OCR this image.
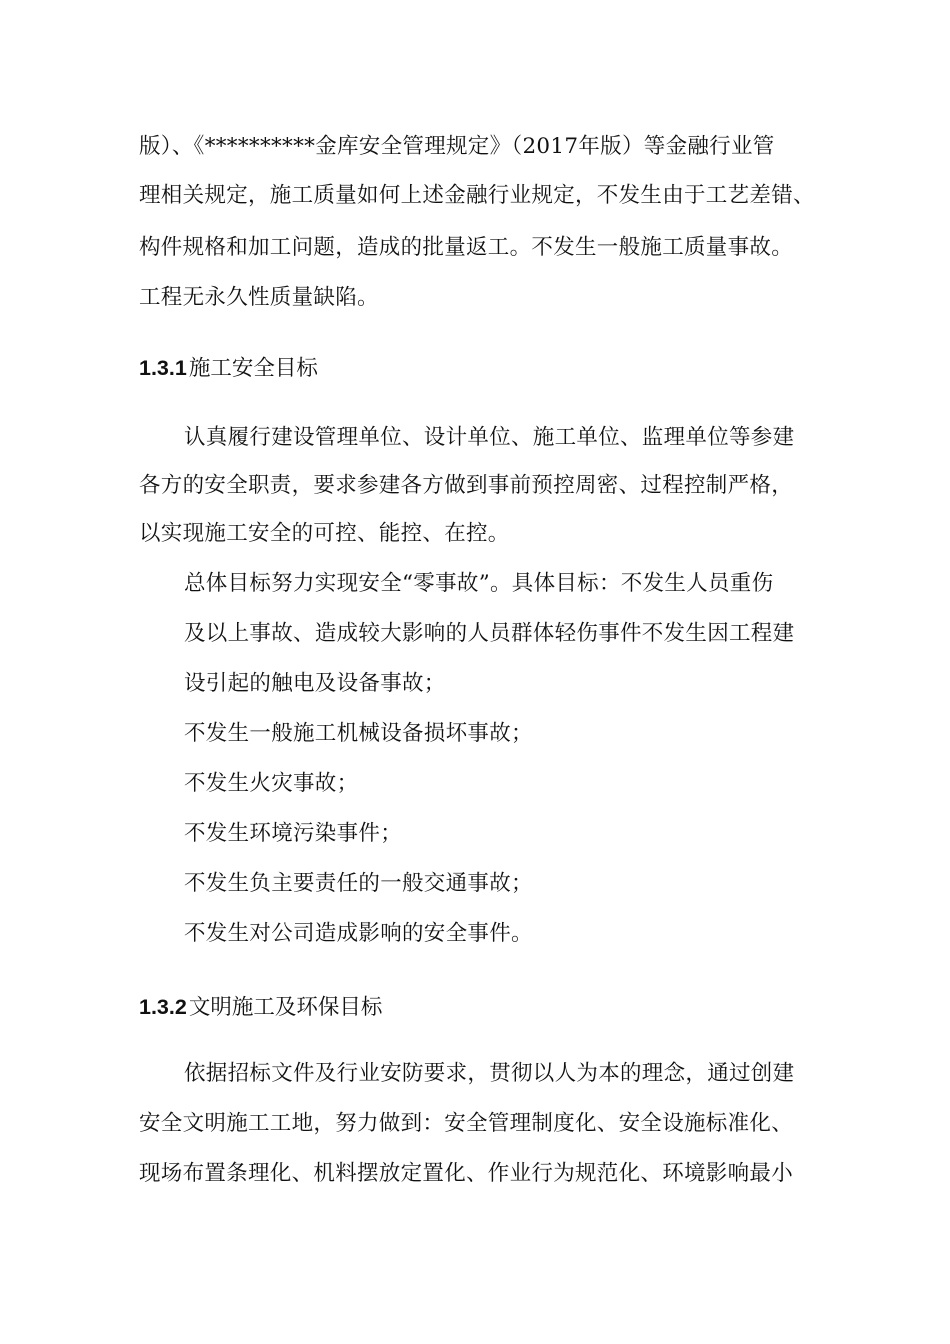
版）、《**********金库安全管理规定》（2017年版）等金融行业管
理相关规定，施工质量如何上述金融行业规定，不发生由于工艺差错、
构件规格和加工问题，造成的批量返工。不发生一般施工质量事故。
工程无永久性质量缺陷。
1.3.1施工安全目标
认真履行建设管理单位、设计单位、施工单位、监理单位等参建
各方的安全职责，要求参建各方做到事前预控周密、过程控制严格，
以实现施工安全的可控、能控、在控。
总体目标努力实现安全“零事故”。具体目标：不发生人员重伤
及以上事故、造成较大影响的人员群体轻伤事件不发生因工程建
设引起的触电及设备事故；
不发生一般施工机械设备损坏事故；
不发生火灾事故；
不发生环境污染事件；
不发生负主要责任的一般交通事故；
不发生对公司造成影响的安全事件。
1.3.2文明施工及环保目标
依据招标文件及行业安防要求，贯彻以人为本的理念，通过创建
安全文明施工工地，努力做到：安全管理制度化、安全设施标准化、
现场布置条理化、机料摆放定置化、作业行为规范化、环境影响最小
